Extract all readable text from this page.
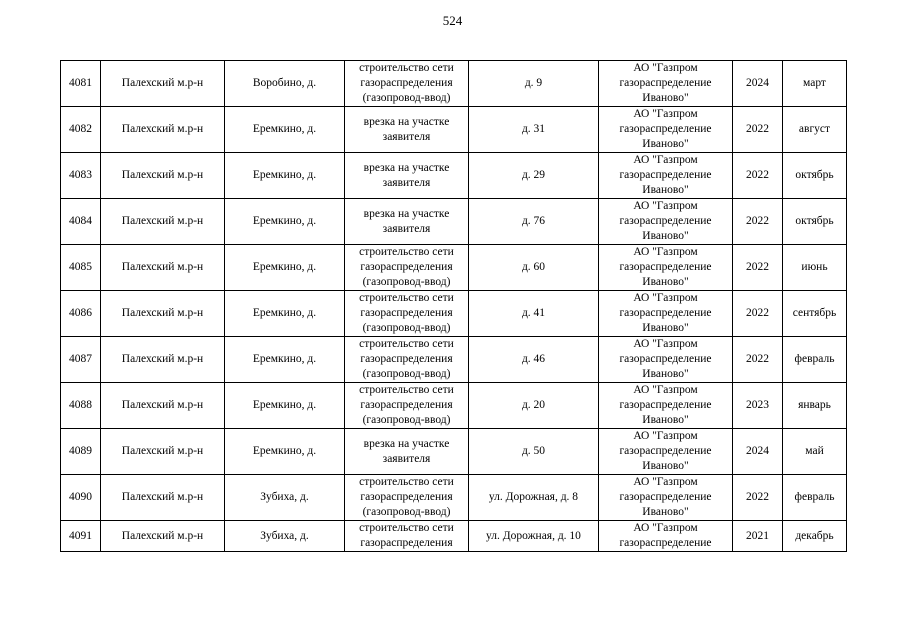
524
4081	Палехский м.р-н	Воробино, д.	строительство сети
газораспределения
(газопровод-ввод)	д. 9	АО "Газпром
газораспределение
Иваново"	2024	март
4082	Палехский м.р-н	Еремкино, д.	врезка на участке
заявителя	д. 31	АО "Газпром
газораспределение
Иваново"	2022	август
4083	Палехский м.р-н	Еремкино, д.	врезка на участке
заявителя	д. 29	АО "Газпром
газораспределение
Иваново"	2022	октябрь
4084	Палехский м.р-н	Еремкино, д.	врезка на участке
заявителя	д. 76	АО "Газпром
газораспределение
Иваново"	2022	октябрь
4085	Палехский м.р-н	Еремкино, д.	строительство сети
газораспределения
(газопровод-ввод)	д. 60	АО "Газпром
газораспределение
Иваново"	2022	июнь
4086	Палехский м.р-н	Еремкино, д.	строительство сети
газораспределения
(газопровод-ввод)	д. 41	АО "Газпром
газораспределение
Иваново"	2022	сентябрь
4087	Палехский м.р-н	Еремкино, д.	строительство сети
газораспределения
(газопровод-ввод)	д. 46	АО "Газпром
газораспределение
Иваново"	2022	февраль
4088	Палехский м.р-н	Еремкино, д.	строительство сети
газораспределения
(газопровод-ввод)	д. 20	АО "Газпром
газораспределение
Иваново"	2023	январь
4089	Палехский м.р-н	Еремкино, д.	врезка на участке
заявителя	д. 50	АО "Газпром
газораспределение
Иваново"	2024	май
4090	Палехский м.р-н	Зубиха, д.	строительство сети
газораспределения
(газопровод-ввод)	ул. Дорожная, д. 8	АО "Газпром
газораспределение
Иваново"	2022	февраль
4091	Палехский м.р-н	Зубиха, д.	строительство сети
газораспределения	ул. Дорожная, д. 10	АО "Газпром
газораспределение	2021	декабрь
